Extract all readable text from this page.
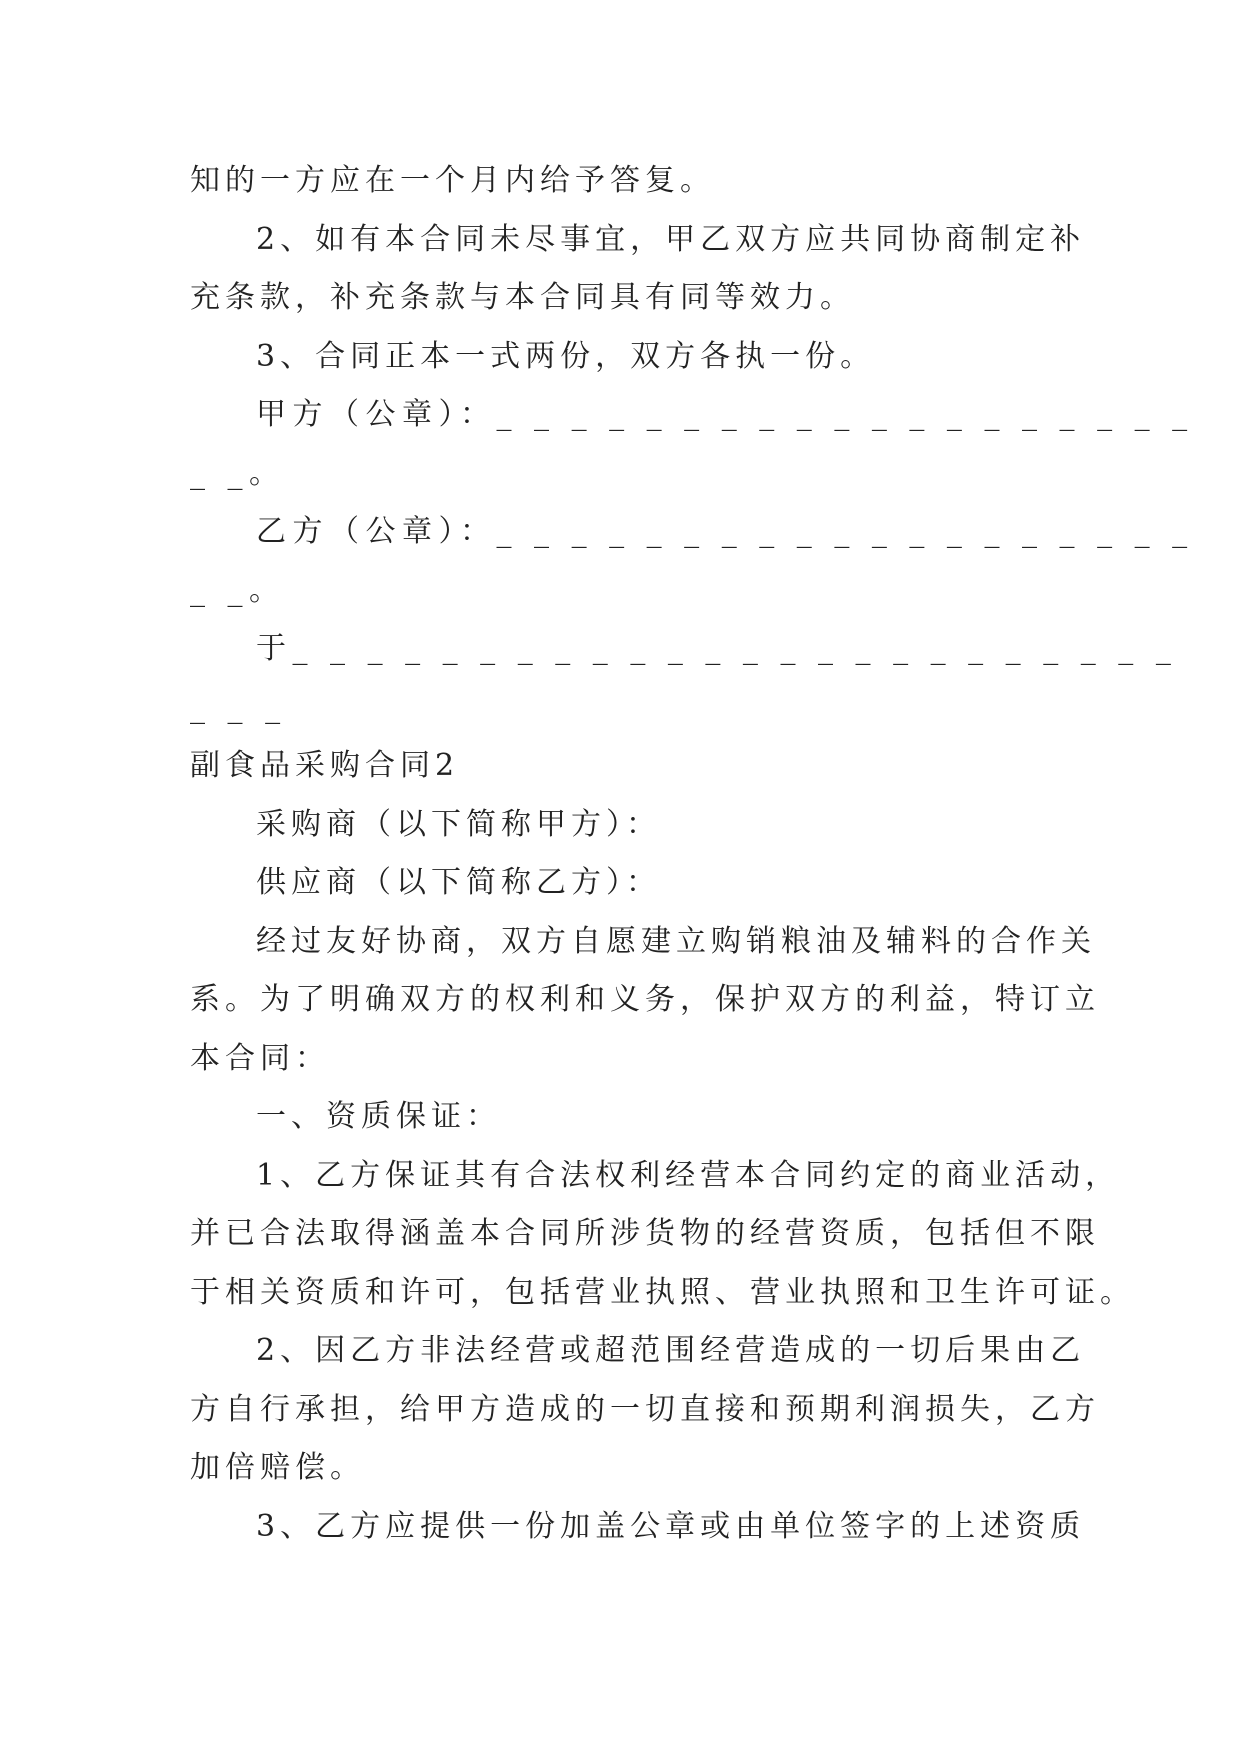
知的一方应在一个月内给予答复。
2、如有本合同未尽事宜，甲乙双方应共同协商制定补
充条款，补充条款与本合同具有同等效力。
3、合同正本一式两份，双方各执一份。
甲方（公章）：_ _ _ _ _ _ _ _ _ _ _ _ _ _ _ _ _ _ _
_ _。
乙方（公章）：_ _ _ _ _ _ _ _ _ _ _ _ _ _ _ _ _ _ _
_ _。
于_ _ _ _ _ _ _ _ _ _ _ _ _ _ _ _ _ _ _ _ _ _ _ _
_ _ _
副食品采购合同2
采购商（以下简称甲方）：
供应商（以下简称乙方）：
经过友好协商，双方自愿建立购销粮油及辅料的合作关
系。为了明确双方的权利和义务，保护双方的利益，特订立
本合同：
一、资质保证：
1、乙方保证其有合法权利经营本合同约定的商业活动，
并已合法取得涵盖本合同所涉货物的经营资质，包括但不限
于相关资质和许可，包括营业执照、营业执照和卫生许可证。
2、因乙方非法经营或超范围经营造成的一切后果由乙
方自行承担，给甲方造成的一切直接和预期利润损失，乙方
加倍赔偿。
3、乙方应提供一份加盖公章或由单位签字的上述资质
